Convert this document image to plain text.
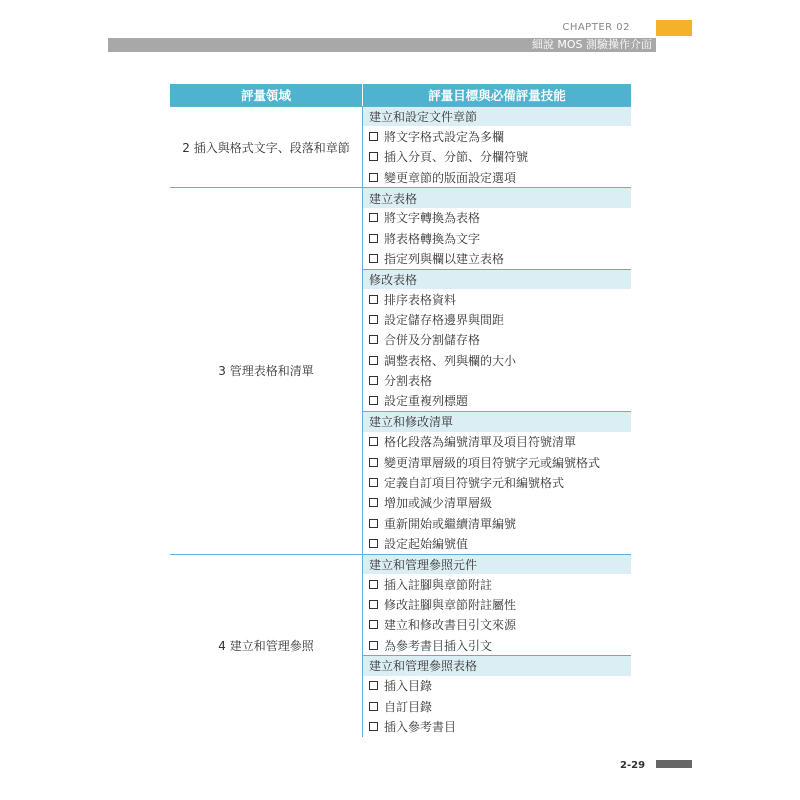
CHAPTER 02
細說 MOS 測驗操作介面
評量領域	評量目標與必備評量技能
2 插入與格式文字、段落和章節
建立和設定文件章節
將文字格式設定為多欄
插入分頁、分節、分欄符號
變更章節的版面設定選項
3 管理表格和清單
建立表格
將文字轉換為表格
將表格轉換為文字
指定列與欄以建立表格
修改表格
排序表格資料
設定儲存格邊界與間距
合併及分割儲存格
調整表格、列與欄的大小
分割表格
設定重複列標題
建立和修改清單
格化段落為編號清單及項目符號清單
變更清單層級的項目符號字元或編號格式
定義自訂項目符號字元和編號格式
增加或減少清單層級
重新開始或繼續清單編號
設定起始編號值
4 建立和管理參照
建立和管理參照元件
插入註腳與章節附註
修改註腳與章節附註屬性
建立和修改書目引文來源
為參考書目插入引文
建立和管理參照表格
插入目錄
自訂目錄
插入參考書目
2-29
